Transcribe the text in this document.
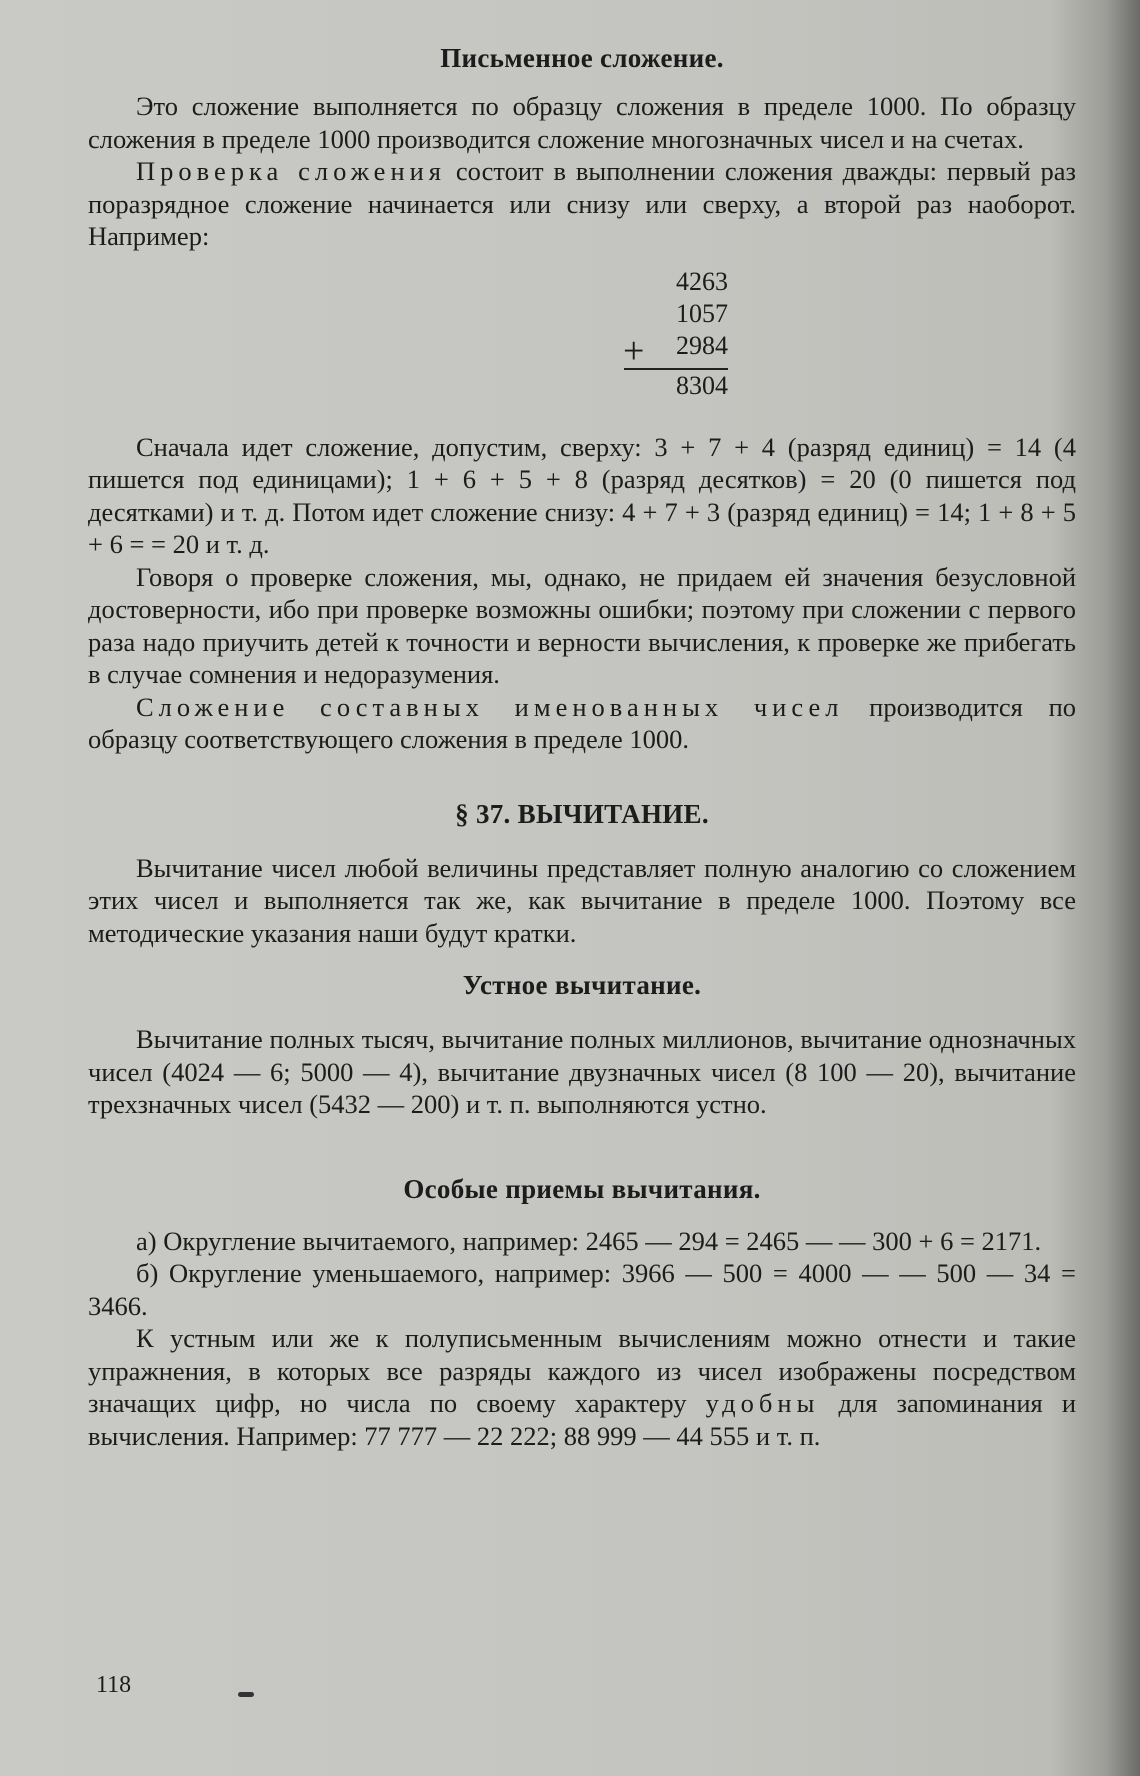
Письменное сложение.

Это сложение выполняется по образцу сложения в пределе 1000. По образцу сложения в пределе 1000 производится сложение многозначных чисел и на счетах.

Проверка сложения состоит в выполнении сложения дважды: первый раз поразрядное сложение начинается или снизу или сверху, а второй раз наоборот. Например:

4263
1057
+	2984
8304

Сначала идет сложение, допустим, сверху: 3 + 7 + 4 (разряд единиц) = 14 (4 пишется под единицами); 1 + 6 + 5 + 8 (разряд десятков) = 20 (0 пишется под десятками) и т. д. Потом идет сложение снизу: 4 + 7 + 3 (разряд единиц) = 14; 1 + 8 + 5 + 6 = = 20 и т. д.

Говоря о проверке сложения, мы, однако, не придаем ей значения безусловной достоверности, ибо при проверке возможны ошибки; поэтому при сложении с первого раза надо приучить детей к точности и верности вычисления, к проверке же прибегать в случае сомнения и недоразумения.

Сложение составных именованных чисел производится по образцу соответствующего сложения в пределе 1000.

§ 37. ВЫЧИТАНИЕ.

Вычитание чисел любой величины представляет полную аналогию со сложением этих чисел и выполняется так же, как вычитание в пределе 1000. Поэтому все методические указания наши будут кратки.

Устное вычитание.

Вычитание полных тысяч, вычитание полных миллионов, вычитание однозначных чисел (4024 — 6; 5000 — 4), вычитание двузначных чисел (8 100 — 20), вычитание трехзначных чисел (5432 — 200) и т. п. выполняются устно.

Особые приемы вычитания.

а) Округление вычитаемого, например: 2465 — 294 = 2465 — — 300 + 6 = 2171.

б) Округление уменьшаемого, например: 3966 — 500 = 4000 — — 500 — 34 = 3466.

К устным или же к полуписьменным вычислениям можно отнести и такие упражнения, в которых все разряды каждого из чисел изображены посредством значащих цифр, но числа по своему характеру удобны для запоминания и вычисления. Например: 77 777 — 22 222; 88 999 — 44 555 и т. п.

118
